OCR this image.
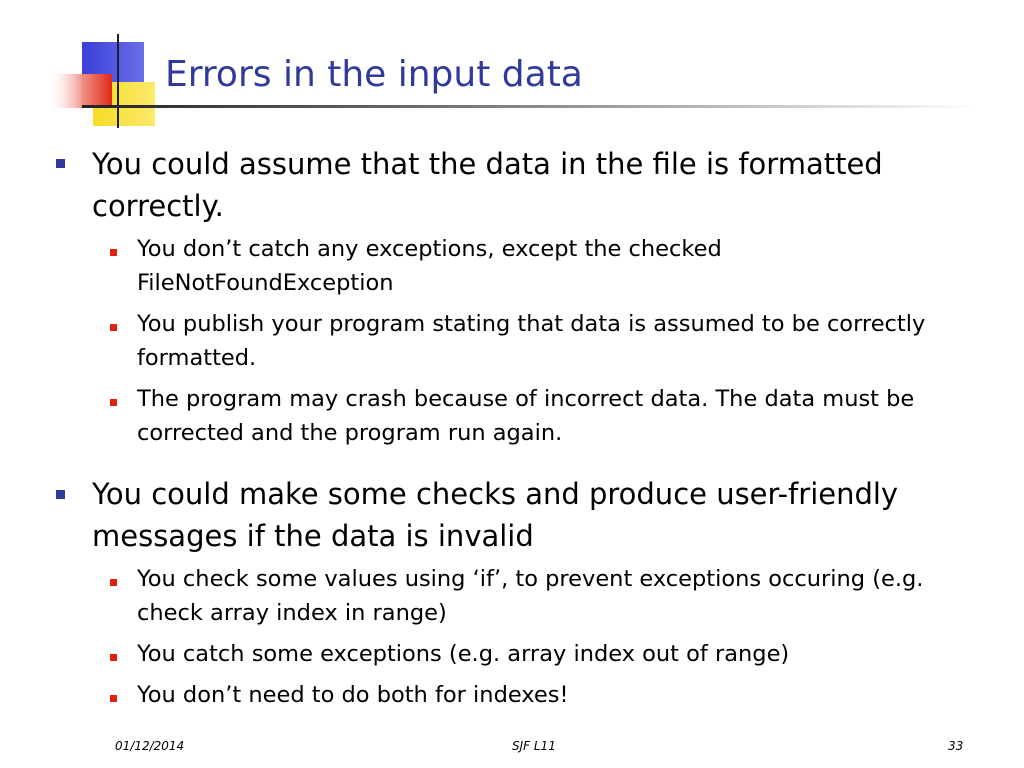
Errors in the input data
You could assume that the data in the file is formatted correctly.
You don’t catch any exceptions, except the checked FileNotFoundException
You publish your program stating that data is assumed to be correctly formatted.
The program may crash because of incorrect data. The data must be corrected and the program run again.
You could make some checks and produce user-friendly messages if the data is invalid
You check some values using ‘if’, to prevent exceptions occuring (e.g. check array index in range)
You catch some exceptions (e.g. array index out of range)
You don’t need to do both for indexes!
01/12/2014	SJF L11	33
